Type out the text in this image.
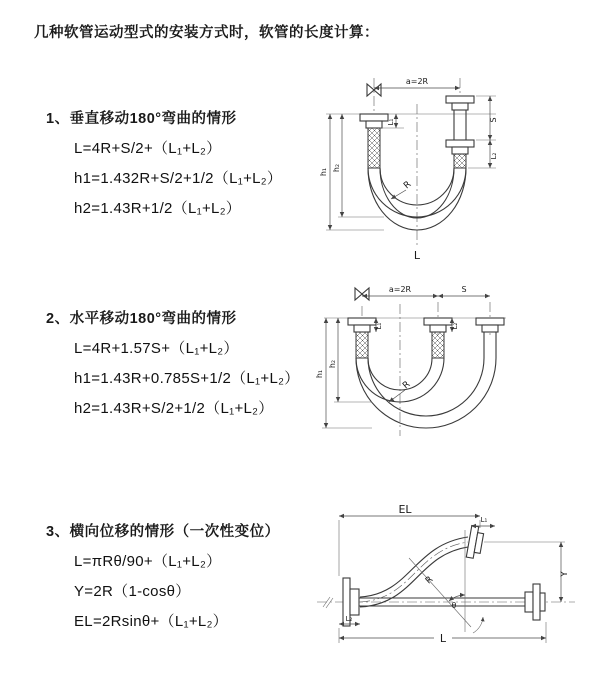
几种软管运动型式的安装方式时，软管的长度计算：
1、垂直移动180°弯曲的情形
L=4R+S/2+（L₁+L₂）
h1=1.432R+S/2+1/2（L₁+L₂）
h2=1.43R+1/2（L₁+L₂）
2、水平移动180°弯曲的情形
L=4R+1.57S+（L₁+L₂）
h1=1.43R+0.785S+1/2（L₁+L₂）
h2=1.43R+S/2+1/2（L₁+L₂）
3、横向位移的情形（一次性变位）
L=πRθ/90+（L₁+L₂）
Y=2R（1-cosθ）
EL=2Rsinθ+（L₁+L₂）
a=2R
h₁ h₂
L₁	S
L₂
R
L
a=2R	S
h₁
h₂
L₁	L₂
R
EL
L₁
Y
θ
R
L
L₂
